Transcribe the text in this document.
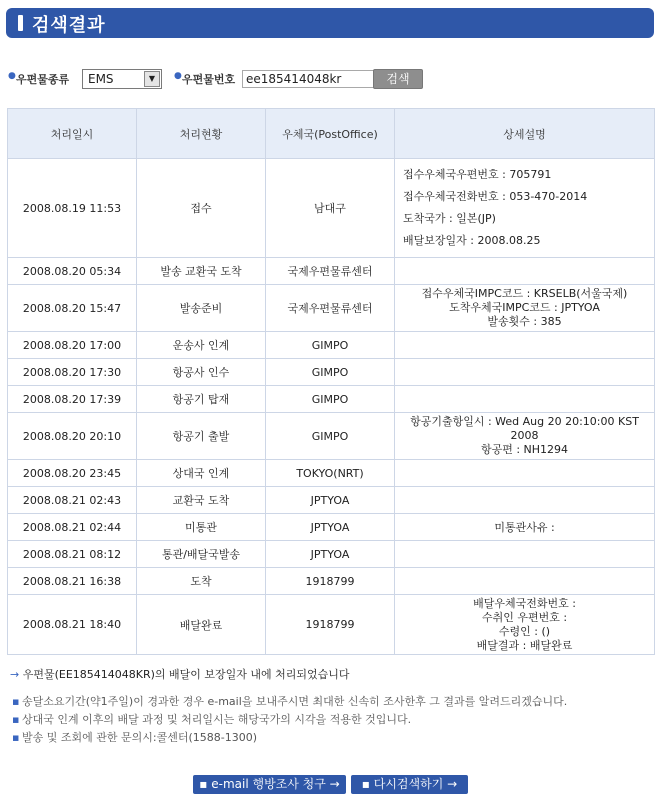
검색결과
● 우편물종류 EMS	▼	● 우편물번호 ee185414048kr	검색
처리일시	처리현황	우체국(PostOffice)	상세설명
2008.08.19 11:53	접수	남대구	접수우체국우편번호 : 705791
접수우체국전화번호 : 053-470-2014
도착국가 : 일본(JP)
배달보장일자 : 2008.08.25

2008.08.20 05:34	발송 교환국 도착	국제우편물류센터	
2008.08.20 15:47	발송준비	국제우편물류센터	접수우체국IMPC코드 : KRSELB(서울국제)
도착우체국IMPC코드 : JPTYOA
발송횟수 : 385

2008.08.20 17:00	운송사 인계	GIMPO	
2008.08.20 17:30	항공사 인수	GIMPO	
2008.08.20 17:39	항공기 탑재	GIMPO	
2008.08.20 20:10	항공기 출발	GIMPO	항공기출항일시 : Wed Aug 20 20:10:00 KST
2008
항공편 : NH1294

2008.08.20 23:45	상대국 인계	TOKYO(NRT)	
2008.08.21 02:43	교환국 도착	JPTYOA	
2008.08.21 02:44	미통관	JPTYOA	미통관사유 :
2008.08.21 08:12	통관/배달국발송	JPTYOA	
2008.08.21 16:38	도착	1918799	
2008.08.21 18:40	배달완료	1918799	배달우체국전화번호 :
수취인 우편번호 :
수령인 : ()
배달결과 : 배달완료
→ 우편물(EE185414048KR)의 배달이 보장일자 내에 처리되었습니다
▪ 송달소요기간(약1주일)이 경과한 경우 e-mail을 보내주시면 최대한 신속히 조사한후 그 결과를 알려드리겠습니다.
▪ 상대국 인계 이후의 배달 과정 및 처리일시는 해당국가의 시각을 적용한 것입니다.
▪ 발송 및 조회에 관한 문의시:콜센터(1588-1300)
▪ e-mail 행방조사 청구 →	▪ 다시검색하기 →
